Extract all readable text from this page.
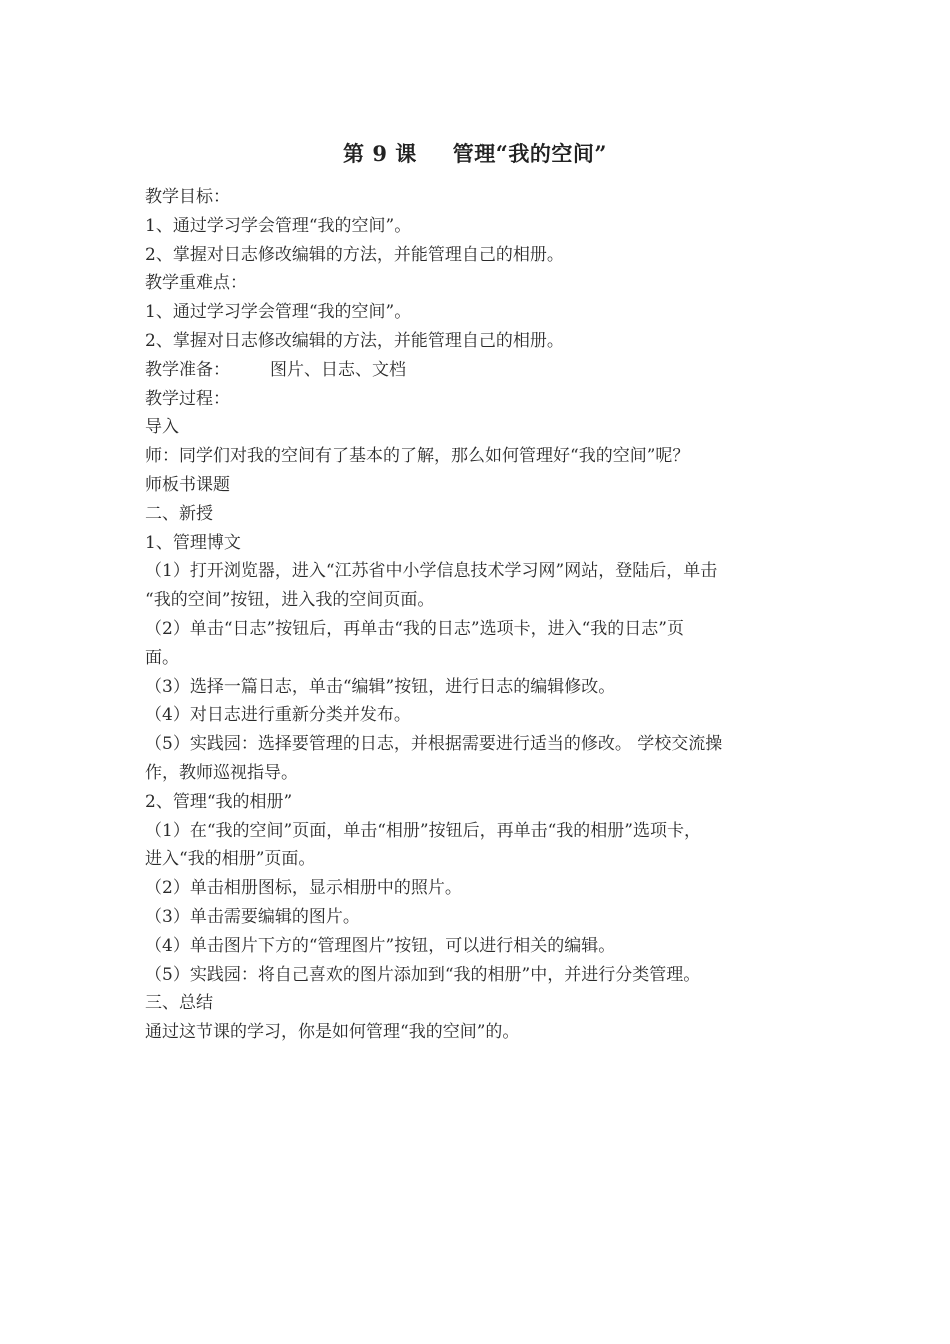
第 9 课 管理“我的空间”
教学目标：
1、通过学习学会管理“我的空间”。
2、掌握对日志修改编辑的方法，并能管理自己的相册。
教学重难点：
1、通过学习学会管理“我的空间”。
2、掌握对日志修改编辑的方法，并能管理自己的相册。
教学准备： 图片、日志、文档
教学过程：
导入
师：同学们对我的空间有了基本的了解，那么如何管理好“我的空间”呢？
师板书课题
二、新授
1、管理博文
（1）打开浏览器，进入“江苏省中小学信息技术学习网”网站，登陆后，单击
“我的空间”按钮，进入我的空间页面。
（2）单击“日志”按钮后，再单击“我的日志”选项卡，进入“我的日志”页
面。
（3）选择一篇日志，单击“编辑”按钮，进行日志的编辑修改。
（4）对日志进行重新分类并发布。
（5）实践园：选择要管理的日志，并根据需要进行适当的修改。 学校交流操
作，教师巡视指导。
2、管理“我的相册”
（1）在“我的空间”页面，单击“相册”按钮后，再单击“我的相册”选项卡，
进入“我的相册”页面。
（2）单击相册图标，显示相册中的照片。
（3）单击需要编辑的图片。
（4）单击图片下方的“管理图片”按钮，可以进行相关的编辑。
（5）实践园：将自己喜欢的图片添加到“我的相册”中，并进行分类管理。
三、总结
通过这节课的学习，你是如何管理“我的空间”的。
